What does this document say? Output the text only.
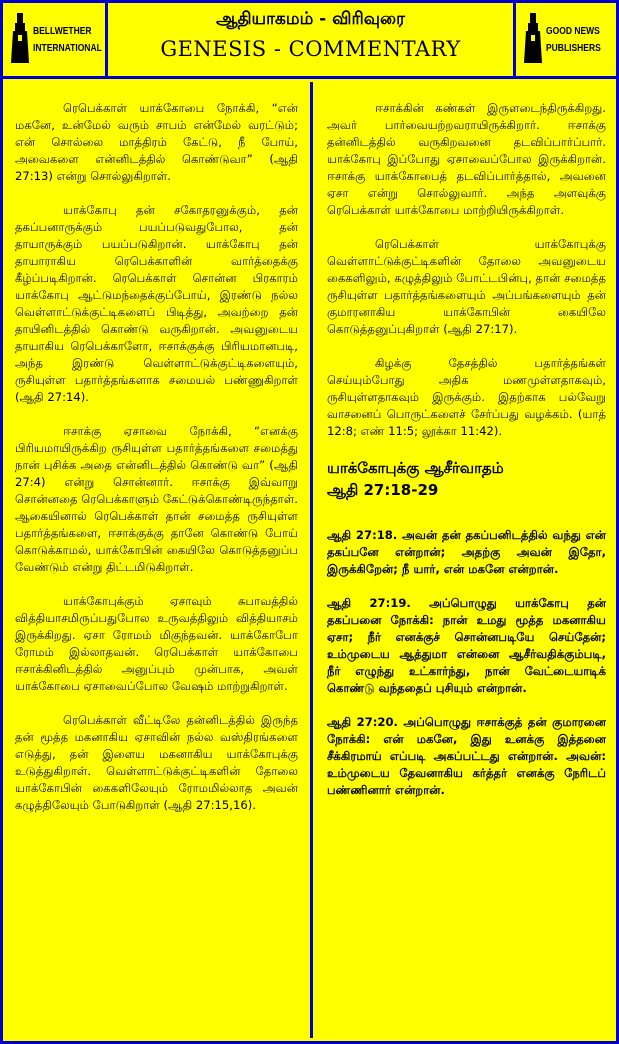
BELLWETHER
INTERNATIONAL
ஆதியாகமம் - விரிவுரை
GENESIS - COMMENTARY
GOOD NEWS
PUBLISHERS

ரெபெக்காள் யாக்கோபை நோக்கி, “என் மகனே, உன்மேல் வரும் சாபம் என்மேல் வரட்டும்; என் சொல்லை மாத்திரம் கேட்டு, நீ போய், அவைகளை என்னிடத்தில் கொண்டுவா” (ஆதி 27:13) என்று சொல்லுகிறாள்.

யாக்கோபு தன் சகோதரனுக்கும், தன் தகப்பனாருக்கும் பயப்படுவதுபோல, தன் தாயாருக்கும் பயப்படுகிறான். யாக்கோபு தன் தாயாராகிய ரெபெக்காளின் வார்த்தைக்கு கீழ்ப்படிகிறான். ரெபெக்காள் சொன்ன பிரகாரம் யாக்கோபு ஆட்டுமந்தைக்குப்போய், இரண்டு நல்ல வெள்ளாட்டுக்குட்டிகளைப் பிடித்து, அவற்றை தன் தாயினிடத்தில் கொண்டு வருகிறான். அவனுடைய தாயாகிய ரெபெக்காளோ, ஈசாக்குக்கு பிரியமானபடி, அந்த இரண்டு வெள்ளாட்டுக்குட்டிகளையும், ருசியுள்ள பதார்த்தங்களாக சமையல் பண்ணுகிறாள் (ஆதி 27:14).

ஈசாக்கு ஏசாவை நோக்கி, “எனக்கு பிரியமாயிருக்கிற ருசியுள்ள பதார்த்தங்களை சமைத்து நான் புசிக்க அதை என்னிடத்தில் கொண்டு வா” (ஆதி 27:4) என்று சொன்னார். ஈசாக்கு இவ்வாறு சொன்னதை ரெபெக்காளும் கேட்டுக்கொண்டிருந்தாள். ஆகையினால் ரெபெக்காள் தான் சமைத்த ருசியுள்ள பதார்த்தங்களை, ஈசாக்குக்கு தானே கொண்டு போய் கொடுக்காமல், யாக்கோபின் கையிலே கொடுத்தனுப்ப வேண்டும் என்று திட்டமிடுகிறாள்.

யாக்கோபுக்கும் ஏசாவும் சுபாவத்தில் வித்தியாசமிருப்பதுபோல உருவத்திலும் வித்தியாசம் இருக்கிறது. ஏசா ரோமம் மிகுந்தவன். யாக்கோபோ ரோமம் இல்லாதவன். ரெபெக்காள் யாக்கோபை ஈசாக்கினிடத்தில் அனுப்பும் முன்பாக, அவள் யாக்கோபை ஏசாவைப்போல வேஷம் மாற்றுகிறாள்.

ரெபெக்காள் வீட்டிலே தன்னிடத்தில் இருந்த தன் மூத்த மகனாகிய ஏசாவின் நல்ல வஸ்திரங்களை எடுத்து, தன் இளைய மகனாகிய யாக்கோபுக்கு உடுத்துகிறாள். வெள்ளாட்டுக்குட்டிகளின் தோலை யாக்கோபின் கைகளிலேயும் ரோமமில்லாத அவன் கழுத்திலேயும் போடுகிறாள் (ஆதி 27:15,16).

ஈசாக்கின் கண்கள் இருளடைந்திருக்கிறது. அவர் பார்வையற்றவராயிருக்கிறார். ஈசாக்கு தன்னிடத்தில் வருகிறவனை தடவிப்பார்ப்பார். யாக்கோபு இப்போது ஏசாவைப்போல இருக்கிறான். ஈசாக்கு யாக்கோபைத் தடவிப்பார்த்தால், அவனை ஏசா என்று சொல்லுவார். அந்த அளவுக்கு ரெபெக்காள் யாக்கோபை மாற்றியிருக்கிறாள்.

ரெபெக்காள் யாக்கோபுக்கு வெள்ளாட்டுக்குட்டிகளின் தோலை அவனுடைய கைகளிலும், கழுத்திலும் போட்டபின்பு, தான் சமைத்த ருசியுள்ள பதார்த்தங்களையும் அப்பங்களையும் தன் குமாரனாகிய யாக்கோபின் கையிலே கொடுத்தனுப்புகிறாள் (ஆதி 27:17).

கிழக்கு தேசத்தில் பதார்த்தங்கள் செய்யும்போது அதிக மணமுள்ளதாகவும், ருசியுள்ளதாகவும் இருக்கும். இதற்காக பல்வேறு வாசனைப் பொருட்களைச் சேர்ப்பது வழக்கம். (யாத் 12:8; எண் 11:5; லூக்கா 11:42).

யாக்கோபுக்கு ஆசீர்வாதம்
ஆதி 27:18-29

ஆதி 27:18. அவன் தன் தகப்பனிடத்தில் வந்து என் தகப்பனே என்றான்; அதற்கு அவன் இதோ, இருக்கிறேன்; நீ யார், என் மகனே என்றான்.

ஆதி 27:19. அப்பொழுது யாக்கோபு தன் தகப்பனை நோக்கி: நான் உமது மூத்த மகனாகிய ஏசா; நீர் எனக்குச் சொன்னபடியே செய்தேன்; உம்முடைய ஆத்துமா என்னை ஆசீர்வதிக்கும்படி, நீர் எழுந்து உட்கார்ந்து, நான் வேட்டையாடிக் கொண்டு வந்ததைப் புசியும் என்றான்.

ஆதி 27:20. அப்பொழுது ஈசாக்குத் தன் குமாரனை நோக்கி: என் மகனே, இது உனக்கு இத்தனை சீக்கிரமாய் எப்படி அகப்பட்டது என்றான். அவன்: உம்முடைய தேவனாகிய கர்த்தர் எனக்கு நேரிடப் பண்ணினார் என்றான்.
